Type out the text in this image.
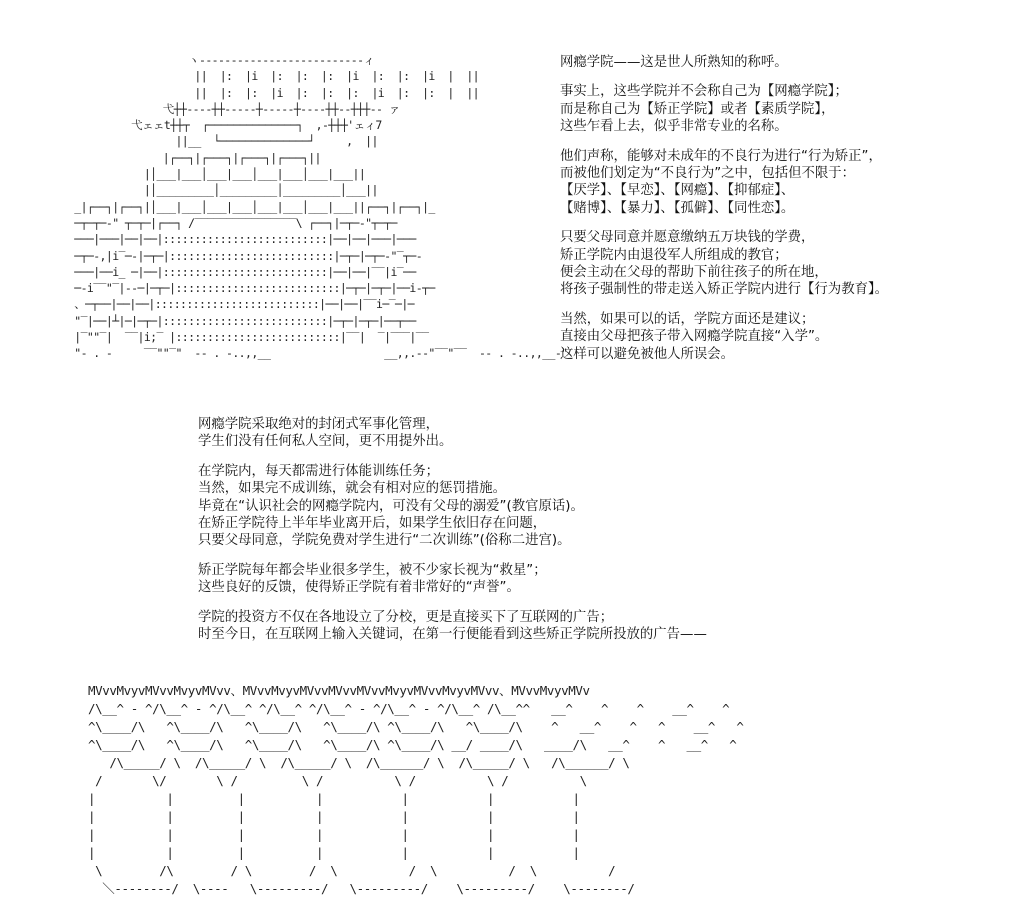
ヽ‐‐‐‐‐‐‐‐‐‐‐‐‐‐‐‐‐‐‐‐‐‐‐‐‐‐ィ
||  |:  |i  |:  |:  |:  |i  |:  |:  |i  |  ||
||  |:  |:  |i  |:  |:  |:  |i  |:  |:  |  ||
弋┼┼‐‐‐‐┼┼‐‐‐‐‐┼‐‐‐‐‐┼‐‐‐‐┼┼‐‐┼┼┼‐‐ ァ
弋ェェt┼┼┬  ┌──────────────┐  ,‐┼┼┼'ェィ7
||__  └──────────────┘     ,  ||
|┌──┐|┌───┐|┌───┐|┌───┐||
|│___|___│___|___│___|___│___|___||
|│_________│_________│_________│___||
_|┌──┐|┌──┐|│___|___│___|___│___|___│___|___||┌──┐|┌──┐|_
─┬─┬─‐" ┬─┬─|┌──┐ /‾‾‾‾‾‾‾‾‾‾‾‾‾‾‾‾\ ┌──┐|─┬─‐"┬─┬─
───|───|──|──|::::::::::::::::::::::::::|──|──|───|───
─┬─‐,|i‾─‐|─┬─|::::::::::::::::::::::::::|─┬─|─┬─‐"‾┬─‐
───|──i_ ─|──|::::::::::::::::::::::::::|──|──|‾‾|i‾──
─‐i‾‾"‾|‐‐─|─┬─|::::::::::::::::::::::::::|─┬─|─┬─|──i‐┬─
、─┬──|──|──|::::::::::::::::::::::::::|──|──|‾‾i─‾─|─
"‾|──|┴|─|─┬─|::::::::::::::::::::::::::|─┬─|─┬─|──┬──
|‾""‾|  ‾‾|i;‾ |::::::::::::::::::::::::::|‾‾|  ‾|‾‾‾|‾‾
"‐ . ‐     ‾‾""‾"  ‐‐ . ‐..,,__                  __,,.‐‐"‾‾"‾‾  ‐‐ . ‐..,,__‐"

网瘾学院——这是世人所熟知的称呼。

事实上，这些学院并不会称自己为【网瘾学院】；
而是称自己为【矫正学院】或者【素质学院】，
这些乍看上去，似乎非常专业的名称。

他们声称，能够对未成年的不良行为进行“行为矫正”，
而被他们划定为“不良行为”之中，包括但不限于：
【厌学】、【早恋】、【网瘾】、【抑郁症】、
【赌博】、【暴力】、【孤僻】、【同性恋】。

只要父母同意并愿意缴纳五万块钱的学费，
矫正学院内由退役军人所组成的教官；
便会主动在父母的帮助下前往孩子的所在地，
将孩子强制性的带走送入矫正学院内进行【行为教育】。

当然，如果可以的话，学院方面还是建议；
直接由父母把孩子带入网瘾学院直接“入学”。
这样可以避免被他人所误会。

网瘾学院采取绝对的封闭式军事化管理，
学生们没有任何私人空间，更不用提外出。

在学院内，每天都需进行体能训练任务；
当然，如果完不成训练，就会有相对应的惩罚措施。
毕竟在“认识社会的网瘾学院内，可没有父母的溺爱”(教官原话)。
在矫正学院待上半年毕业离开后，如果学生依旧存在问题，
只要父母同意，学院免费对学生进行“二次训练”(俗称二进宫)。

矫正学院每年都会毕业很多学生，被不少家长视为“救星”；
这些良好的反馈，使得矫正学院有着非常好的“声誉”。

学院的投资方不仅在各地设立了分校，更是直接买下了互联网的广告；
时至今日，在互联网上输入关键词，在第一行便能看到这些矫正学院所投放的广告——

MVvvMvyvMVvvMvyvMVvv、MVvvMvyvMVvvMVvvMVvvMvyvMVvvMvyvMVvv、MVvvMvyvMVv
/\__^ ‐ ^/\__^ ‐ ^/\__^ ^/\__^ ^/\__^ ‐ ^/\__^ ‐ ^/\__^ /\__^^   __^    ^    ^    __^    ^
^\____/\   ^\____/\   ^\____/\   ^\____/\ ^\____/\   ^\____/\    ^   __^    ^   ^    __^   ^
^\____/\   ^\____/\   ^\____/\   ^\____/\ ^\____/\ __/ ____/\   ____/\   __^    ^   __^   ^
/\_____/ \  /\_____/ \  /\_____/ \  /\______/ \  /\_____/ \   /\______/ \
/       \/       \ /         \ /          \ /          \ /          \
|          |         |          |           |           |           |
|          |         |          |           |           |           |
|          |         |          |           |           |           |
|          |         |          |           |           |           |
\        /\        / \        /  \          /  \          /  \          /
＼‐‐‐‐‐‐‐‐/  \‐‐‐‐   \‐‐‐‐‐‐‐‐‐/   \‐‐‐‐‐‐‐‐‐/    \‐‐‐‐‐‐‐‐‐/    \‐‐‐‐‐‐‐‐/
